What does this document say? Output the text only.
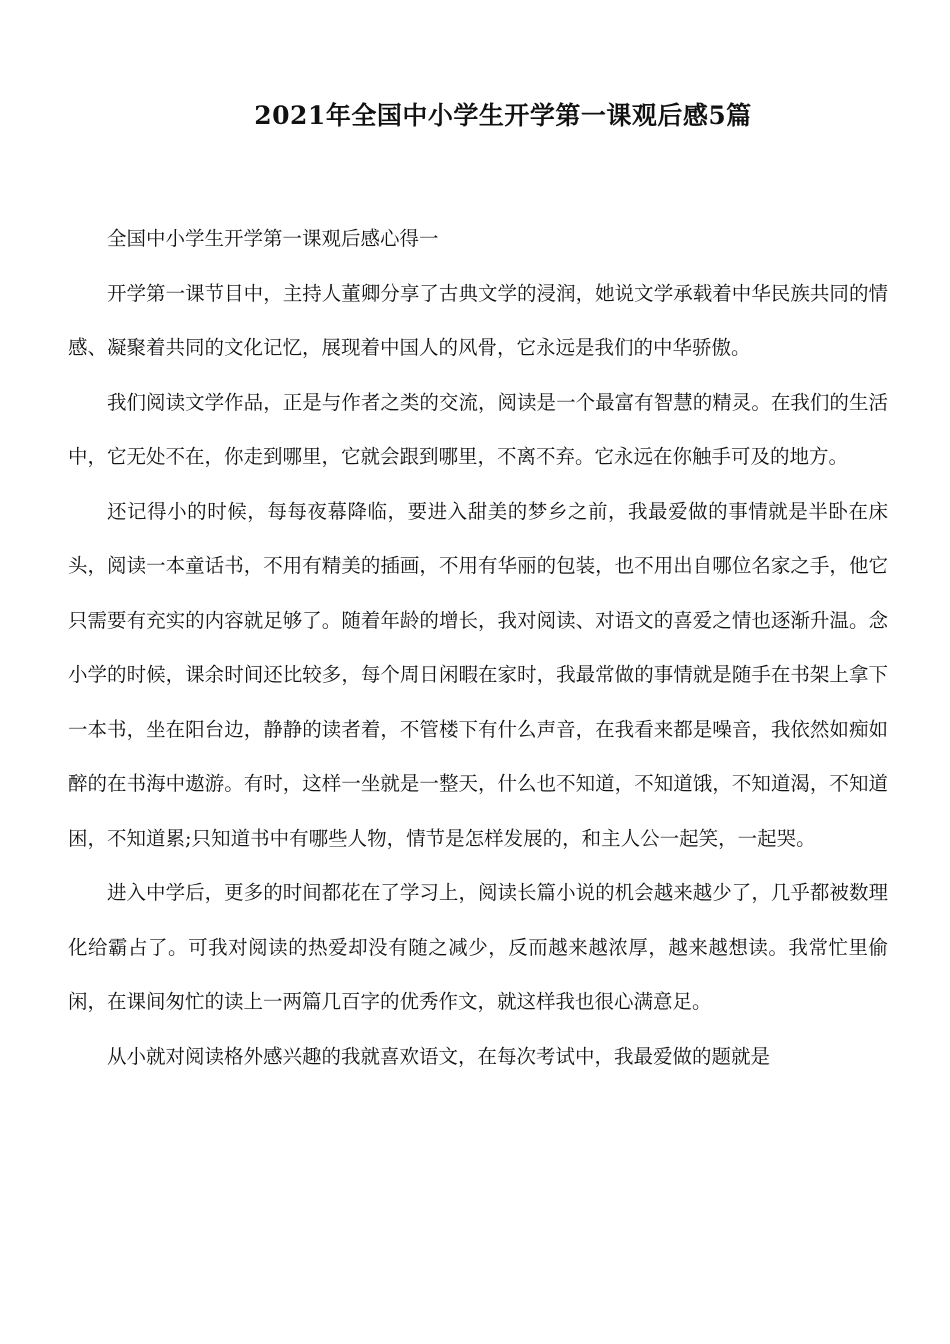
2021年全国中小学生开学第一课观后感5篇

全国中小学生开学第一课观后感心得一

开学第一课节目中，主持人董卿分享了古典文学的浸润，她说文学承载着中华民族共同的情感、凝聚着共同的文化记忆，展现着中国人的风骨，它永远是我们的中华骄傲。

我们阅读文学作品，正是与作者之类的交流，阅读是一个最富有智慧的精灵。在我们的生活中，它无处不在，你走到哪里，它就会跟到哪里，不离不弃。它永远在你触手可及的地方。

还记得小的时候，每每夜幕降临，要进入甜美的梦乡之前，我最爱做的事情就是半卧在床头，阅读一本童话书，不用有精美的插画，不用有华丽的包装，也不用出自哪位名家之手，他它只需要有充实的内容就足够了。随着年龄的增长，我对阅读、对语文的喜爱之情也逐渐升温。念小学的时候，课余时间还比较多，每个周日闲暇在家时，我最常做的事情就是随手在书架上拿下一本书，坐在阳台边，静静的读者着，不管楼下有什么声音，在我看来都是噪音，我依然如痴如醉的在书海中遨游。有时，这样一坐就是一整天，什么也不知道，不知道饿，不知道渴，不知道困，不知道累;只知道书中有哪些人物，情节是怎样发展的，和主人公一起笑，一起哭。

进入中学后，更多的时间都花在了学习上，阅读长篇小说的机会越来越少了，几乎都被数理化给霸占了。可我对阅读的热爱却没有随之减少，反而越来越浓厚，越来越想读。我常忙里偷闲，在课间匆忙的读上一两篇几百字的优秀作文，就这样我也很心满意足。

从小就对阅读格外感兴趣的我就喜欢语文，在每次考试中，我最爱做的题就是
